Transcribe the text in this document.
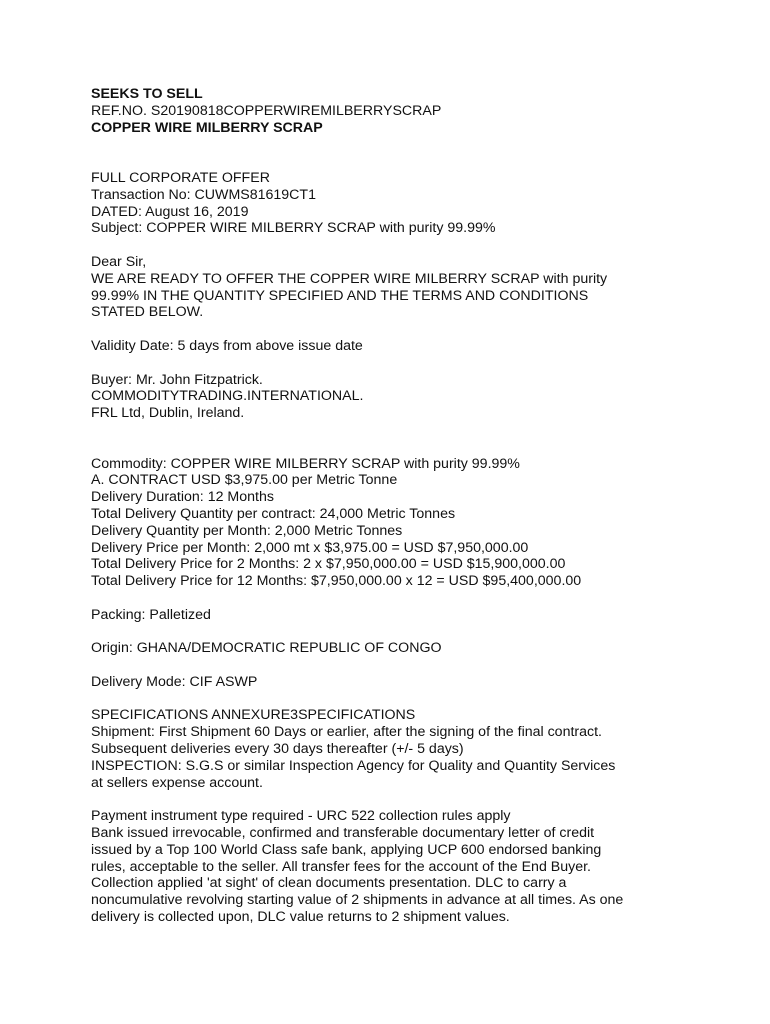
SEEKS TO SELL
REF.NO. S20190818COPPERWIREMILBERRYSCRAP
COPPER WIRE MILBERRY SCRAP
FULL CORPORATE OFFER
Transaction No: CUWMS81619CT1
DATED: August 16, 2019
Subject: COPPER WIRE MILBERRY SCRAP with purity 99.99%
Dear Sir,
WE ARE READY TO OFFER THE COPPER WIRE MILBERRY SCRAP with purity
99.99% IN THE QUANTITY SPECIFIED AND THE TERMS AND CONDITIONS
STATED BELOW.
Validity Date: 5 days from above issue date
Buyer: Mr. John Fitzpatrick.
COMMODITYTRADING.INTERNATIONAL.
FRL Ltd, Dublin, Ireland.
Commodity: COPPER WIRE MILBERRY SCRAP with purity 99.99%
A. CONTRACT USD $3,975.00 per Metric Tonne
Delivery Duration: 12 Months
Total Delivery Quantity per contract: 24,000 Metric Tonnes
Delivery Quantity per Month: 2,000 Metric Tonnes
Delivery Price per Month: 2,000 mt x $3,975.00 = USD $7,950,000.00
Total Delivery Price for 2 Months: 2 x $7,950,000.00 = USD $15,900,000.00
Total Delivery Price for 12 Months: $7,950,000.00 x 12 = USD $95,400,000.00
Packing: Palletized
Origin: GHANA/DEMOCRATIC REPUBLIC OF CONGO
Delivery Mode: CIF ASWP
SPECIFICATIONS ANNEXURE3SPECIFICATIONS
Shipment: First Shipment 60 Days or earlier, after the signing of the final contract.
Subsequent deliveries every 30 days thereafter (+/- 5 days)
INSPECTION: S.G.S or similar Inspection Agency for Quality and Quantity Services
at sellers expense account.
Payment instrument type required - URC 522 collection rules apply
Bank issued irrevocable, confirmed and transferable documentary letter of credit
issued by a Top 100 World Class safe bank, applying UCP 600 endorsed banking
rules, acceptable to the seller. All transfer fees for the account of the End Buyer.
Collection applied 'at sight' of clean documents presentation. DLC to carry a
noncumulative revolving starting value of 2 shipments in advance at all times. As one
delivery is collected upon, DLC value returns to 2 shipment values.
